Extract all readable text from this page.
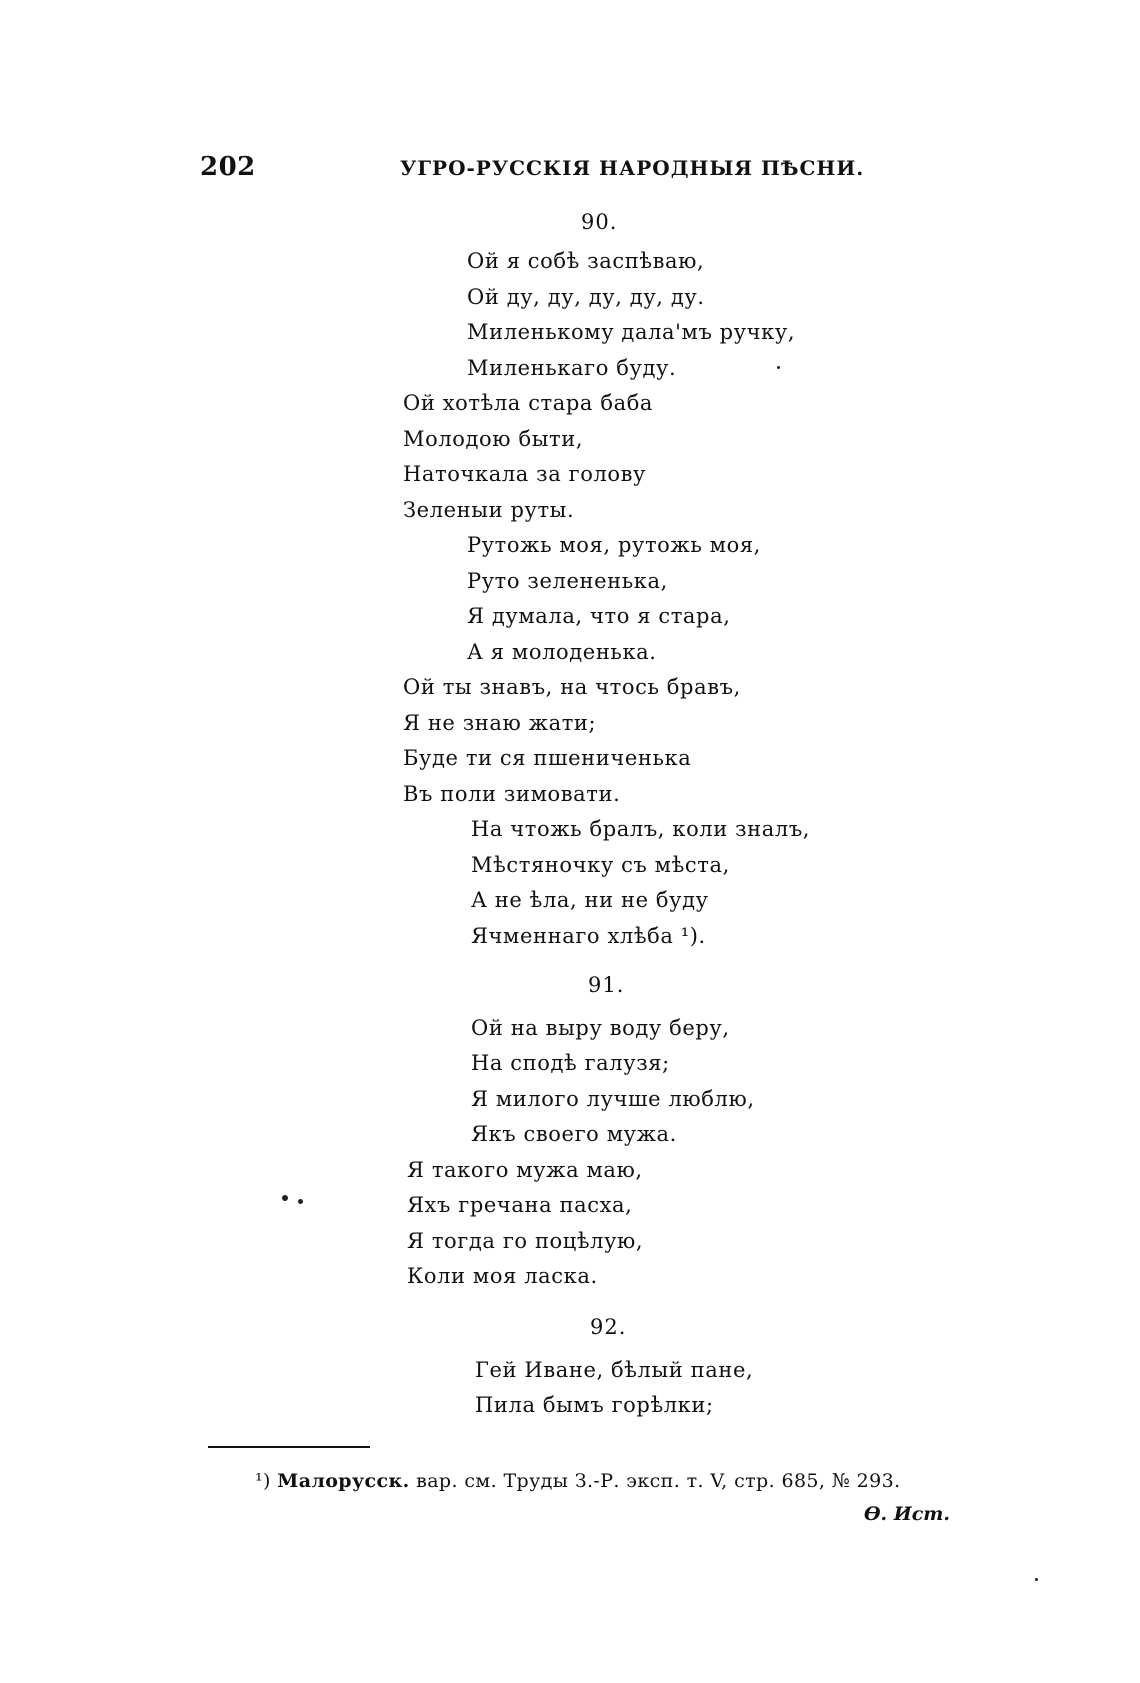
202	УГРО-РУССКІЯ НАРОДНЫЯ ПѢСНИ.
90.
Ой я собѣ заспѣваю,
Ой ду, ду, ду, ду, ду.
Миленькому дала'мъ ручку,
Миленькаго буду.
Ой хотѣла стара баба
Молодою быти,
Наточкала за голову
Зеленыи руты.
Рутожь моя, рутожь моя,
Руто зелененька,
Я думала, что я стара,
А я молоденька.
Ой ты знавъ, на чтось бравъ,
Я не знаю жати;
Буде ти ся пшениченька
Въ поли зимовати.
На чтожь бралъ, коли зналъ,
Мѣстяночку съ мѣста,
А не ѣла, ни не буду
Ячменнаго хлѣба ¹).
91.
Ой на выру воду беру,
На сподѣ галузя;
Я милого лучше люблю,
Якъ своего мужа.
Я такого мужа маю,
Яхъ гречана пасха,
Я тогда го поцѣлую,
Коли моя ласка.
92.
Гей Иване, бѣлый пане,
Пила бымъ горѣлки;
¹) Малорусск. вар. см. Труды З.-Р. эксп. т. V, стр. 685, № 293.
Ѳ. Ист.
